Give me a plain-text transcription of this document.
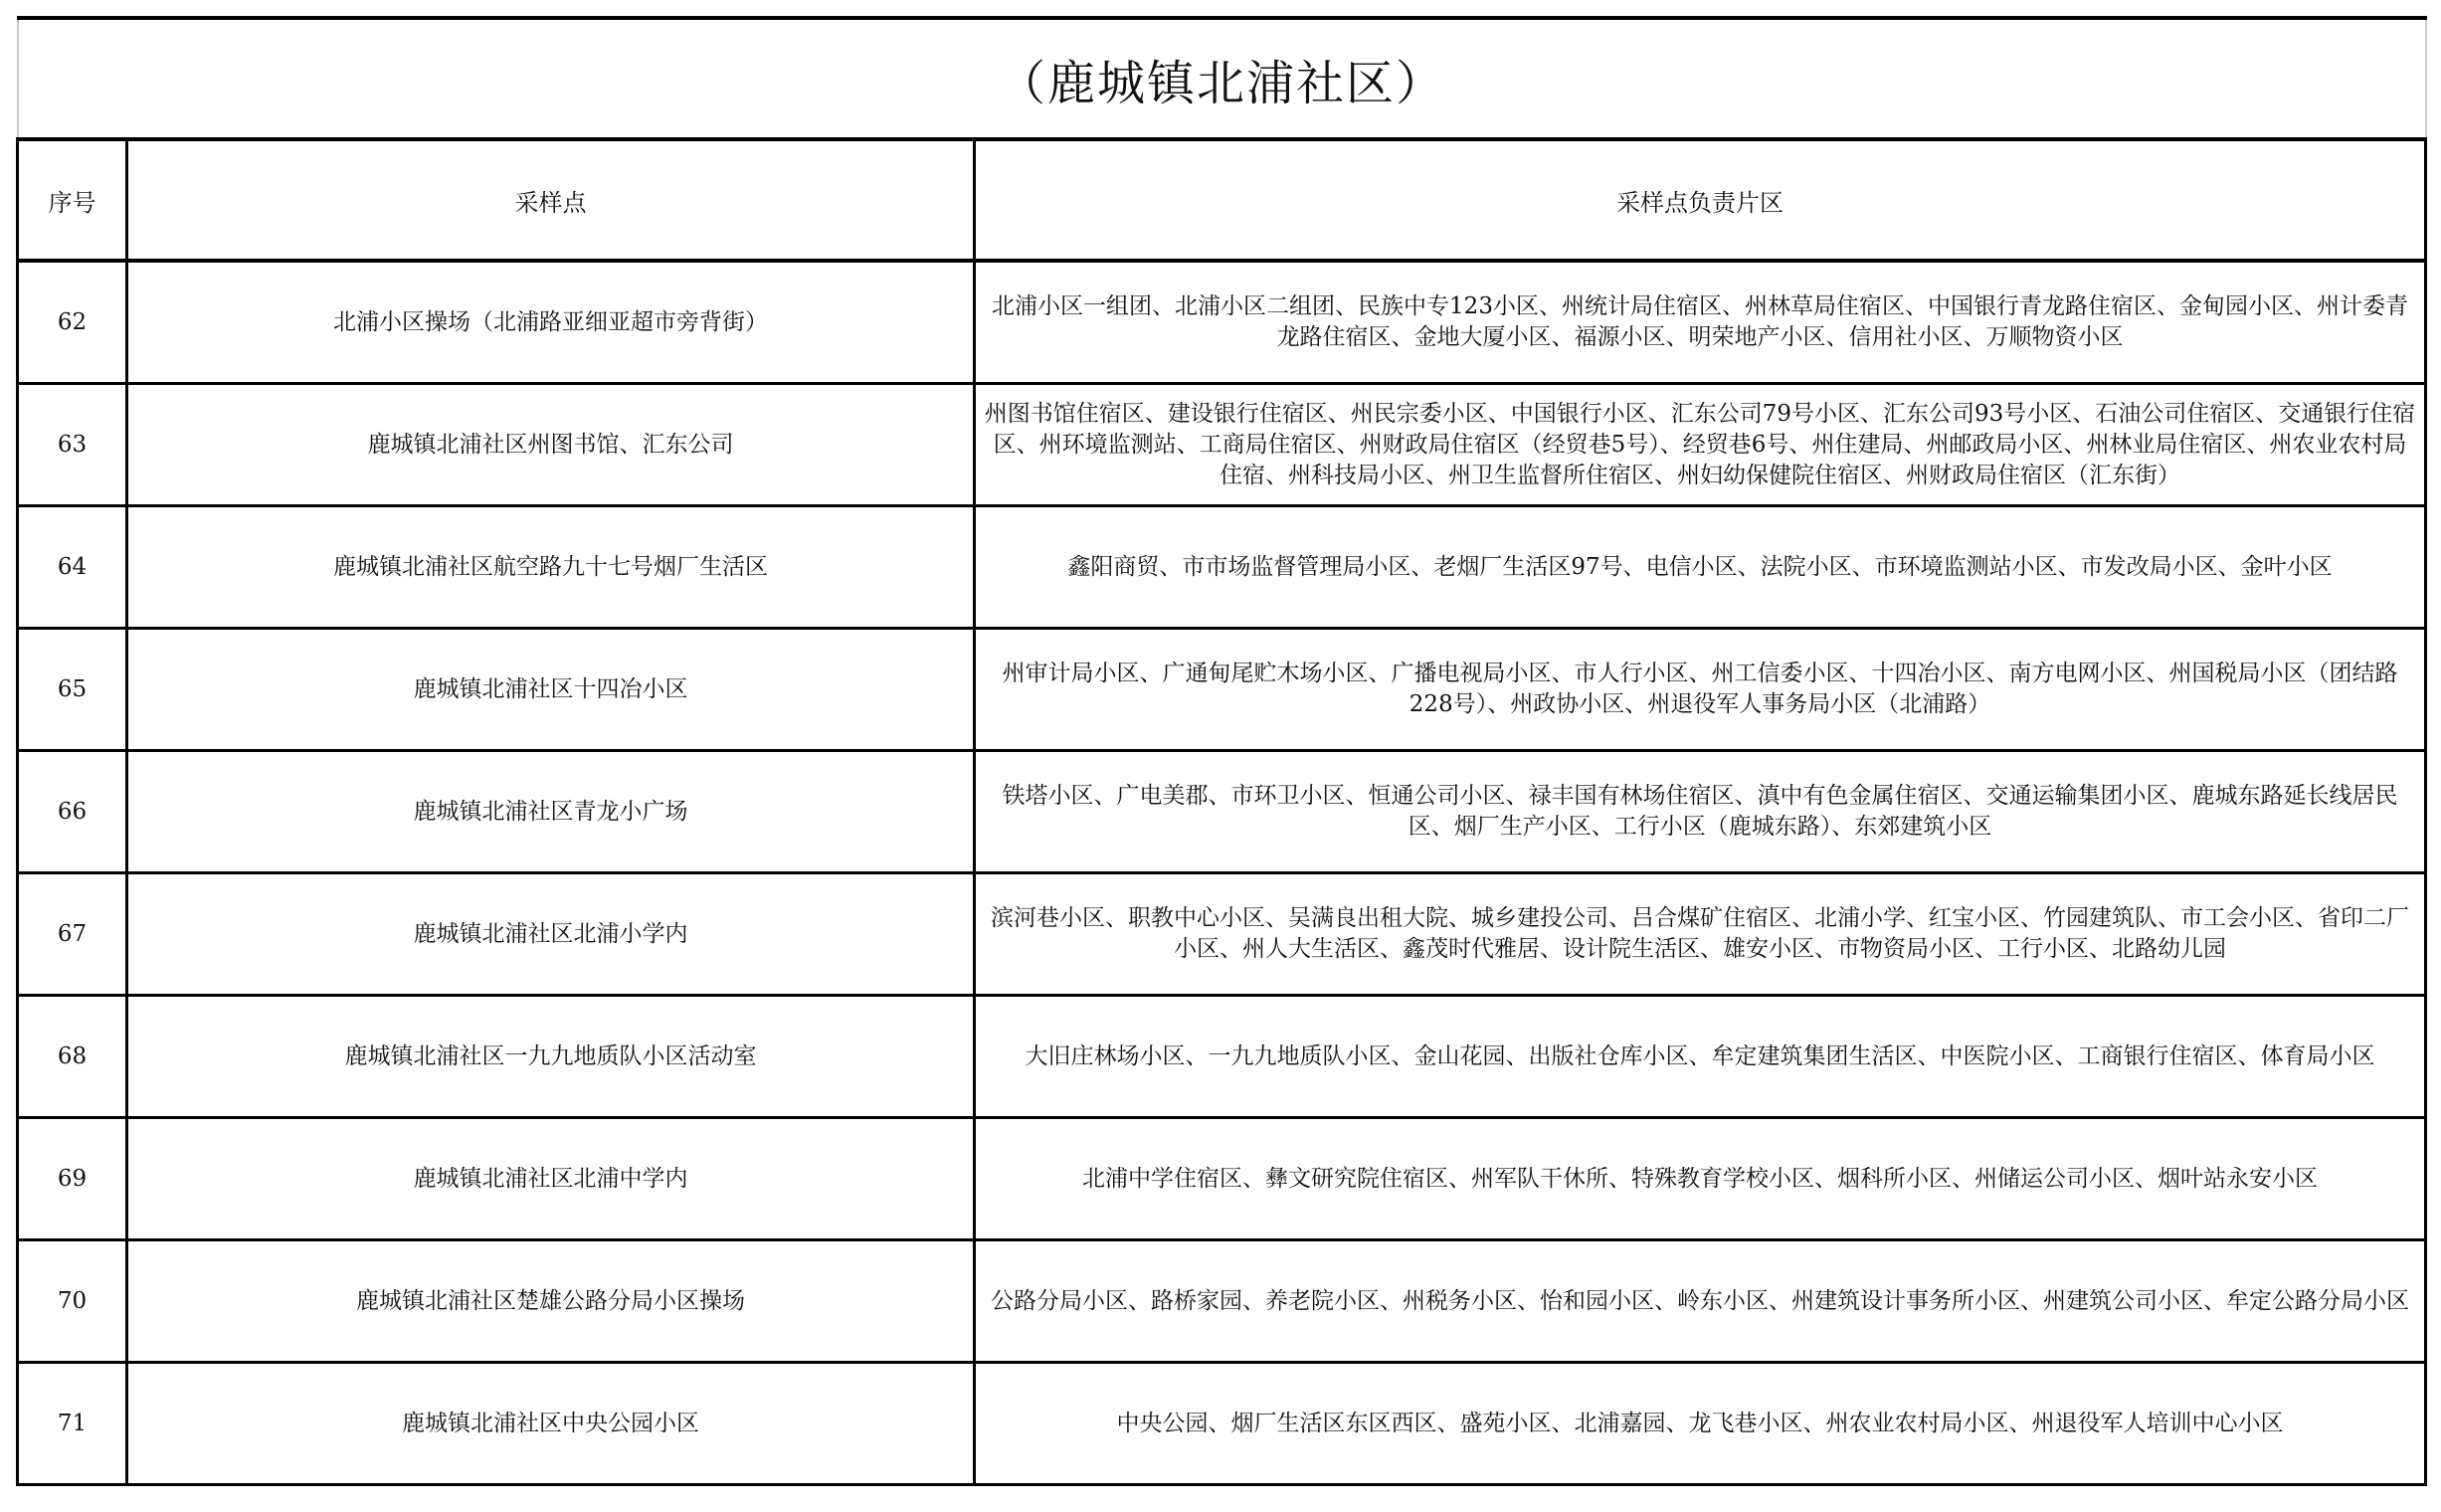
（鹿城镇北浦社区）		
序号	采样点	采样点负责片区
62	北浦小区操场（北浦路亚细亚超市旁背街）	北浦小区一组团、北浦小区二组团、民族中专123小区、州统计局住宿区、州林草局住宿区、中国银行青龙路住宿区、金甸园小区、州计委青龙路住宿区、金地大厦小区、福源小区、明荣地产小区、信用社小区、万顺物资小区

63	鹿城镇北浦社区州图书馆、汇东公司	州图书馆住宿区、建设银行住宿区、州民宗委小区、中国银行小区、汇东公司79号小区、汇东公司93号小区、石油公司住宿区、交通银行住宿区、州环境监测站、工商局住宿区、州财政局住宿区（经贸巷5号）、经贸巷6号、州住建局、州邮政局小区、州林业局住宿区、州农业农村局住宿、州科技局小区、州卫生监督所住宿区、州妇幼保健院住宿区、州财政局住宿区（汇东街）

64	鹿城镇北浦社区航空路九十七号烟厂生活区	鑫阳商贸、市市场监督管理局小区、老烟厂生活区97号、电信小区、法院小区、市环境监测站小区、市发改局小区、金叶小区

65	鹿城镇北浦社区十四冶小区	州审计局小区、广通甸尾贮木场小区、广播电视局小区、市人行小区、州工信委小区、十四冶小区、南方电网小区、州国税局小区（团结路228号）、州政协小区、州退役军人事务局小区（北浦路）

66	鹿城镇北浦社区青龙小广场	铁塔小区、广电美郡、市环卫小区、恒通公司小区、禄丰国有林场住宿区、滇中有色金属住宿区、交通运输集团小区、鹿城东路延长线居民区、烟厂生产小区、工行小区（鹿城东路）、东郊建筑小区

67	鹿城镇北浦社区北浦小学内	滨河巷小区、职教中心小区、吴满良出租大院、城乡建投公司、吕合煤矿住宿区、北浦小学、红宝小区、竹园建筑队、市工会小区、省印二厂小区、州人大生活区、鑫茂时代雅居、设计院生活区、雄安小区、市物资局小区、工行小区、北路幼儿园

68	鹿城镇北浦社区一九九地质队小区活动室	大旧庄林场小区、一九九地质队小区、金山花园、出版社仓库小区、牟定建筑集团生活区、中医院小区、工商银行住宿区、体育局小区

69	鹿城镇北浦社区北浦中学内	北浦中学住宿区、彝文研究院住宿区、州军队干休所、特殊教育学校小区、烟科所小区、州储运公司小区、烟叶站永安小区

70	鹿城镇北浦社区楚雄公路分局小区操场	公路分局小区、路桥家园、养老院小区、州税务小区、怡和园小区、岭东小区、州建筑设计事务所小区、州建筑公司小区、牟定公路分局小区

71	鹿城镇北浦社区中央公园小区	中央公园、烟厂生活区东区西区、盛苑小区、北浦嘉园、龙飞巷小区、州农业农村局小区、州退役军人培训中心小区
